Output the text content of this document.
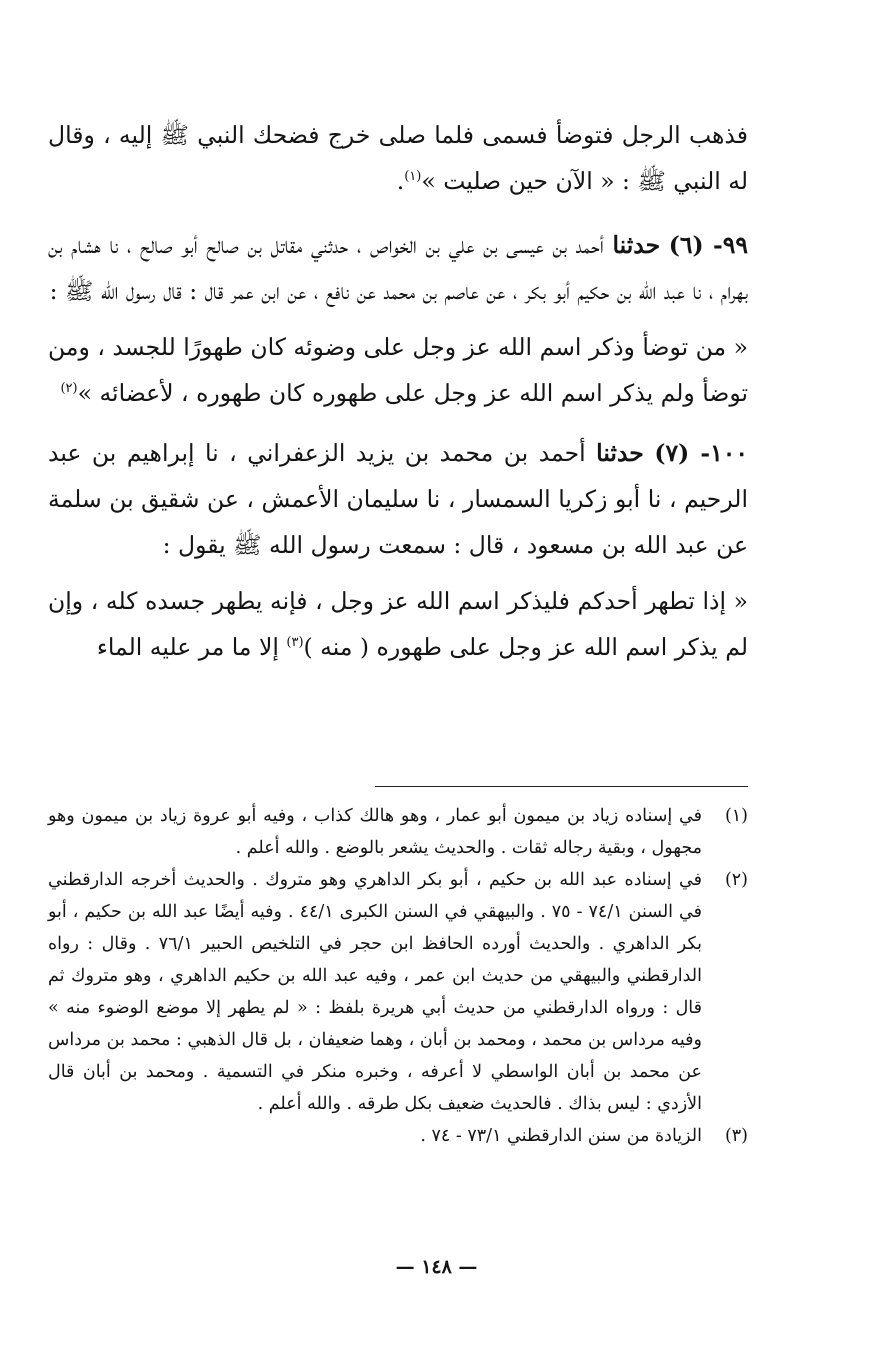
فذهب الرجل فتوضأ فسمى فلما صلى خرج فضحك النبي ﷺ إليه ، وقال له النبي ﷺ : « الآن حين صليت »$^{(١)}$.

٩٩- (٦) حدثنا أحمد بن عيسى بن علي بن الخواص ، حدثني مقاتل بن صالح أبو صالح ، نا هشام بن بهرام ، نا عبد الله بن حكيم أبو بكر ، عن عاصم بن محمد عن نافع ، عن ابن عمر قال : قال رسول الله ﷺ :

« من توضأ وذكر اسم الله عز وجل على وضوئه كان طهورًا للجسد ، ومن توضأ ولم يذكر اسم الله عز وجل على طهوره كان طهوره ، لأعضائه »$^{(٢)}$

١٠٠- (٧) حدثنا أحمد بن محمد بن يزيد الزعفراني ، نا إبراهيم بن عبد الرحيم ، نا أبو زكريا السمسار ، نا سليمان الأعمش ، عن شقيق بن سلمة عن عبد الله بن مسعود ، قال : سمعت رسول الله ﷺ يقول :

« إذا تطهر أحدكم فليذكر اسم الله عز وجل ، فإنه يطهر جسده كله ، وإن لم يذكر اسم الله عز وجل على طهوره ( منه )$^{(٣)}$ إلا ما مر عليه الماء

(١)
في إسناده زياد بن ميمون أبو عمار ، وهو هالك كذاب ، وفيه أبو عروة زياد بن ميمون وهو مجهول ، وبقية رجاله ثقات . والحديث يشعر بالوضع . والله أعلم .
(٢)
في إسناده عبد الله بن حكيم ، أبو بكر الداهري وهو متروك . والحديث أخرجه الدارقطني في السنن ٧٤/١ - ٧٥ . والبيهقي في السنن الكبرى ٤٤/١ . وفيه أيضًا عبد الله بن حكيم ، أبو بكر الداهري . والحديث أورده الحافظ ابن حجر في التلخيص الحبير ٧٦/١ . وقال : رواه الدارقطني والبيهقي من حديث ابن عمر ، وفيه عبد الله بن حكيم الداهري ، وهو متروك ثم قال : ورواه الدارقطني من حديث أبي هريرة بلفظ : « لم يطهر إلا موضع الوضوء منه » وفيه مرداس بن محمد ، ومحمد بن أبان ، وهما ضعيفان ، بل قال الذهبي : محمد بن مرداس عن محمد بن أبان الواسطي لا أعرفه ، وخبره منكر في التسمية . ومحمد بن أبان قال الأزدي : ليس بذاك . فالحديث ضعيف بكل طرقه . والله أعلم .
(٣)
الزيادة من سنن الدارقطني ٧٣/١ - ٧٤ .
— ١٤٨ —
